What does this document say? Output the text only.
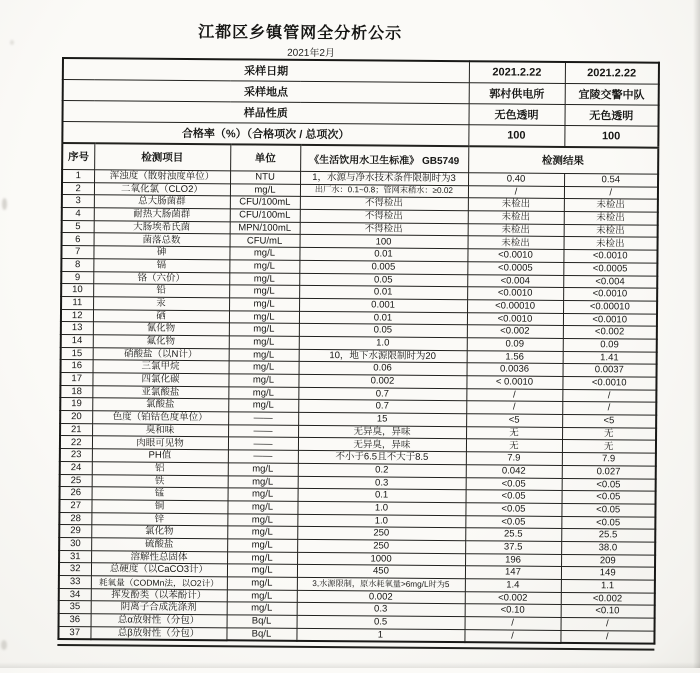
江都区乡镇管网全分析公示
2021年2月
采样日期				2021.2.22	2021.2.22
采样地点				郭村供电所	宜陵交警中队
样品性质				无色透明	无色透明
合格率（%）（合格项次 / 总项次）				100	100
序号	检测项目	单位	《生活饮用水卫生标准》 GB5749	检测结果	
1	浑浊度（散射浊度单位）	NTU	1，水源与净水技术条件限制时为3	0.40	0.54
2	二氧化氯（CLO2）	mg/L	出厂水：0.1~0.8；管网末稍水：≥0.02	/	/
3	总大肠菌群	CFU/100mL	不得检出	未检出	未检出
4	耐热大肠菌群	CFU/100mL	不得检出	未检出	未检出
5	大肠埃希氏菌	MPN/100mL	不得检出	未检出	未检出
6	菌落总数	CFU/mL	100	未检出	未检出
7	砷	mg/L	0.01	<0.0010	<0.0010
8	镉	mg/L	0.005	<0.0005	<0.0005
9	铬（六价）	mg/L	0.05	<0.004	<0.004
10	铅	mg/L	0.01	<0.0010	<0.0010
11	汞	mg/L	0.001	<0.00010	<0.00010
12	硒	mg/L	0.01	<0.0010	<0.0010
13	氰化物	mg/L	0.05	<0.002	<0.002
14	氟化物	mg/L	1.0	0.09	0.09
15	硝酸盐（以N计）	mg/L	10，地下水源限制时为20	1.56	1.41
16	三氯甲烷	mg/L	0.06	0.0036	0.0037
17	四氯化碳	mg/L	0.002	< 0.0010	<0.0010
18	亚氯酸盐	mg/L	0.7	/	/
19	氯酸盐	mg/L	0.7	/	/
20	色度（铂钴色度单位）	——	15	<5	<5
21	臭和味	——	无异臭，异味	无	无
22	肉眼可见物	——	无异臭，异味	无	无
23	PH值	——	不小于6.5且不大于8.5	7.9	7.9
24	铝	mg/L	0.2	0.042	0.027
25	铁	mg/L	0.3	<0.05	<0.05
26	锰	mg/L	0.1	<0.05	<0.05
27	铜	mg/L	1.0	<0.05	<0.05
28	锌	mg/L	1.0	<0.05	<0.05
29	氯化物	mg/L	250	25.5	25.5
30	硫酸盐	mg/L	250	37.5	38.0
31	溶解性总固体	mg/L	1000	196	209
32	总硬度（以CaCO3计）	mg/L	450	147	149
33	耗氧量（CODMn法，以O2计）	mg/L	3,水源限制，原水耗氧量>6mg/L时为5	1.4	1.1
34	挥发酚类（以苯酚计）	mg/L	0.002	<0.002	<0.002
35	阴离子合成洗涤剂	mg/L	0.3	<0.10	<0.10
36	总α放射性（分包）	Bq/L	0.5	/	/
37	总β放射性（分包）	Bq/L	1	/	/
